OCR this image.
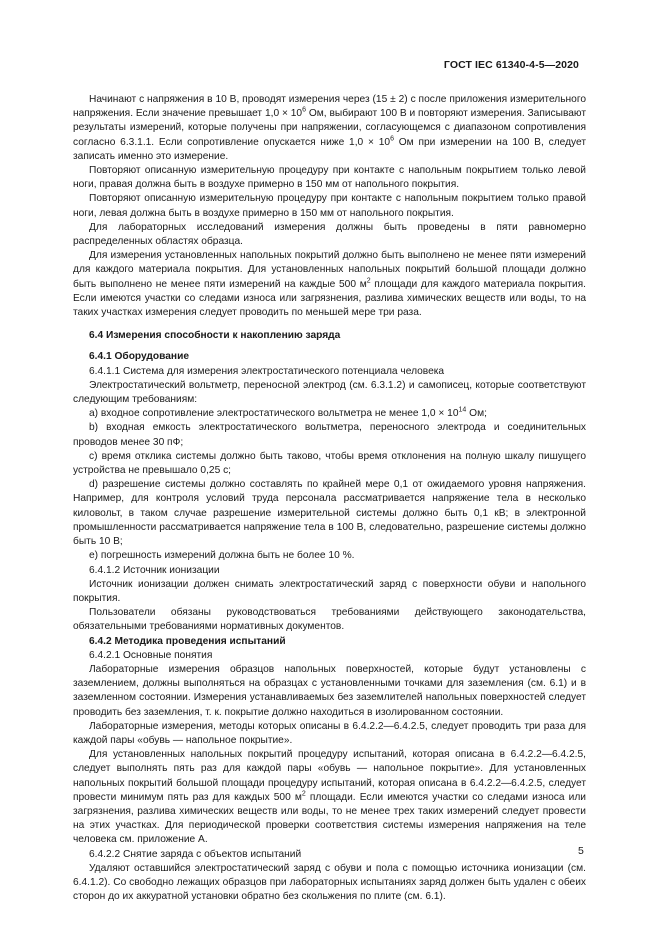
ГОСТ IEC 61340-4-5—2020

Начинают с напряжения в 10 В, проводят измерения через (15 ± 2) с после приложения измерительного напряжения. Если значение превышает $1,0 \times 10^6$ Ом, выбирают 100 В и повторяют измерения. Записывают результаты измерений, которые получены при напряжении, согласующемся с диапазоном сопротивления согласно 6.3.1.1. Если сопротивление опускается ниже $1,0 \times 10^6$ Ом при измерении на 100 В, следует записать именно это измерение.

Повторяют описанную измерительную процедуру при контакте с напольным покрытием только левой ноги, правая должна быть в воздухе примерно в 150 мм от напольного покрытия.

Повторяют описанную измерительную процедуру при контакте с напольным покрытием только правой ноги, левая должна быть в воздухе примерно в 150 мм от напольного покрытия.

Для лабораторных исследований измерения должны быть проведены в пяти равномерно распределенных областях образца.

Для измерения установленных напольных покрытий должно быть выполнено не менее пяти измерений для каждого материала покрытия. Для установленных напольных покрытий большой площади должно быть выполнено не менее пяти измерений на каждые 500 $м^2$ площади для каждого материала покрытия. Если имеются участки со следами износа или загрязнения, разлива химических веществ или воды, то на таких участках измерения следует проводить по меньшей мере три раза.

6.4 Измерения способности к накоплению заряда

6.4.1 Оборудование

6.4.1.1 Система для измерения электростатического потенциала человека

Электростатический вольтметр, переносной электрод (см. 6.3.1.2) и самописец, которые соответствуют следующим требованиям:

а) входное сопротивление электростатического вольтметра не менее $1,0 \times 10^{14}$ Ом;

b) входная емкость электростатического вольтметра, переносного электрода и соединительных проводов менее 30 пФ;

c) время отклика системы должно быть таково, чтобы время отклонения на полную шкалу пишущего устройства не превышало 0,25 с;

d) разрешение системы должно составлять по крайней мере 0,1 от ожидаемого уровня напряжения. Например, для контроля условий труда персонала рассматривается напряжение тела в несколько киловольт, в таком случае разрешение измерительной системы должно быть 0,1 кВ; в электронной промышленности рассматривается напряжение тела в 100 В, следовательно, разрешение системы должно быть 10 В;

е) погрешность измерений должна быть не более 10 %.

6.4.1.2 Источник ионизации

Источник ионизации должен снимать электростатический заряд с поверхности обуви и напольного покрытия.

Пользователи обязаны руководствоваться требованиями действующего законодательства, обязательными требованиями нормативных документов.

6.4.2 Методика проведения испытаний

6.4.2.1 Основные понятия

Лабораторные измерения образцов напольных поверхностей, которые будут установлены с заземлением, должны выполняться на образцах с установленными точками для заземления (см. 6.1) и в заземленном состоянии. Измерения устанавливаемых без заземлителей напольных поверхностей следует проводить без заземления, т. к. покрытие должно находиться в изолированном состоянии.

Лабораторные измерения, методы которых описаны в 6.4.2.2—6.4.2.5, следует проводить три раза для каждой пары «обувь — напольное покрытие».

Для установленных напольных покрытий процедуру испытаний, которая описана в 6.4.2.2—6.4.2.5, следует выполнять пять раз для каждой пары «обувь — напольное покрытие». Для установленных напольных покрытий большой площади процедуру испытаний, которая описана в 6.4.2.2—6.4.2.5, следует провести минимум пять раз для каждых 500 $м^2$ площади. Если имеются участки со следами износа или загрязнения, разлива химических веществ или воды, то не менее трех таких измерений следует провести на этих участках. Для периодической проверки соответствия системы измерения напряжения на теле человека см. приложение А.

6.4.2.2 Снятие заряда с объектов испытаний

Удаляют оставшийся электростатический заряд с обуви и пола с помощью источника ионизации (см. 6.4.1.2). Со свободно лежащих образцов при лабораторных испытаниях заряд должен быть удален с обеих сторон до их аккуратной установки обратно без скольжения по плите (см. 6.1).

5
